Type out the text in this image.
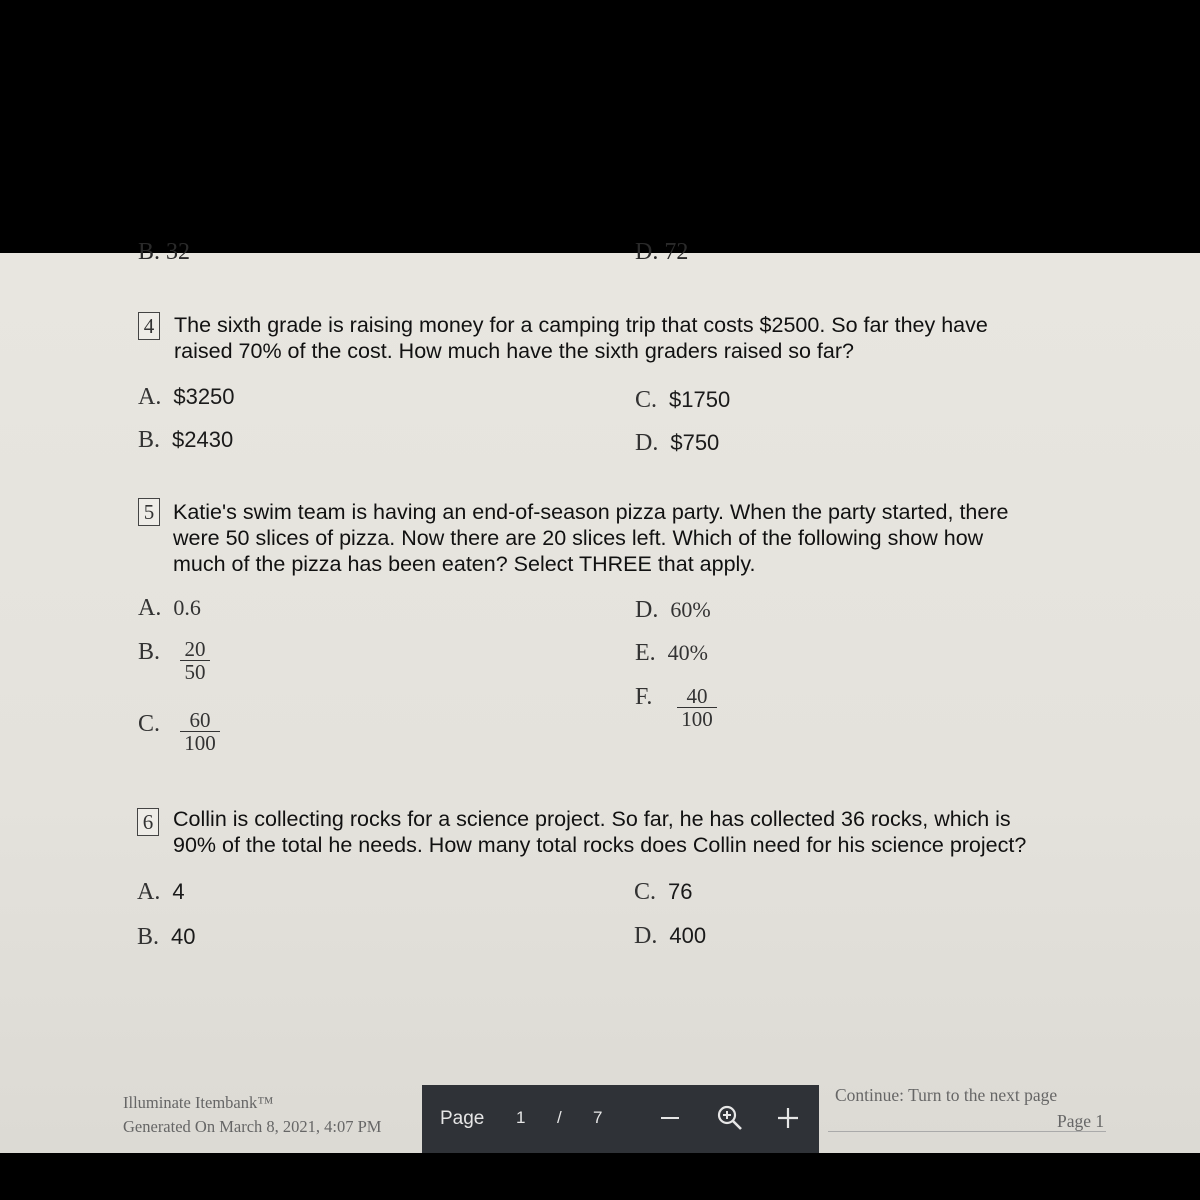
B. 32	D. 72
4 The sixth grade is raising money for a camping trip that costs $2500. So far they have
raised 70% of the cost. How much have the sixth graders raised so far?
A. $3250
B. $2430
C. $1750
D. $750
5 Katie's swim team is having an end-of-season pizza party. When the party started, there
were 50 slices of pizza. Now there are 20 slices left. Which of the following show how
much of the pizza has been eaten? Select THREE that apply.
A. 0.6
B.	20
50
C.	60
100
D. 60%
E. 40%
F.	40
100
6 Collin is collecting rocks for a science project. So far, he has collected 36 rocks, which is
90% of the total he needs. How many total rocks does Collin need for his science project?
A. 4
B. 40
C. 76
D. 400
Illuminate Itembank™
Generated On March 8, 2021, 4:07 PM
Continue: Turn to the next page
Page 1
Page 1 / 7
